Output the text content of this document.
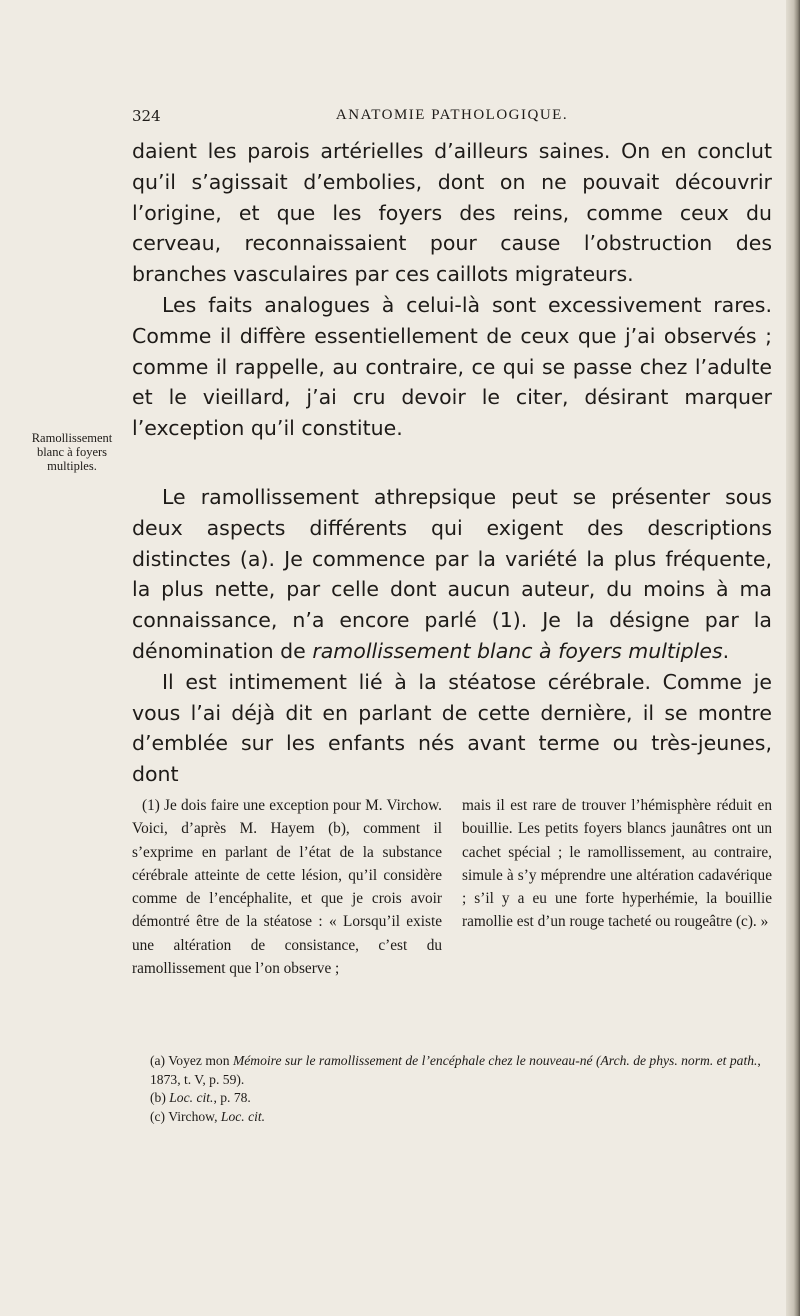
324	ANATOMIE PATHOLOGIQUE.

daient les parois artérielles d’ailleurs saines. On en conclut qu’il s’agissait d’embolies, dont on ne pouvait découvrir l’origine, et que les foyers des reins, comme ceux du cerveau, reconnaissaient pour cause l’obstruction des branches vasculaires par ces caillots migrateurs.

Les faits analogues à celui-là sont excessivement rares. Comme il diffère essentiellement de ceux que j’ai observés ; comme il rappelle, au contraire, ce qui se passe chez l’adulte et le vieillard, j’ai cru devoir le citer, désirant marquer l’exception qu’il constitue.

Le ramollissement athrepsique peut se présenter sous deux aspects différents qui exigent des descriptions distinctes (a). Je commence par la variété la plus fréquente, la plus nette, par celle dont aucun auteur, du moins à ma connaissance, n’a encore parlé (1). Je la désigne par la dénomination de ramollissement blanc à foyers multiples.

Il est intimement lié à la stéatose cérébrale. Comme je vous l’ai déjà dit en parlant de cette dernière, il se montre d’emblée sur les enfants nés avant terme ou très-jeunes, dont

Ramollissement blanc à foyers multiples.

(1) Je dois faire une exception pour M. Virchow. Voici, d’après M. Hayem (b), comment il s’exprime en parlant de l’état de la substance cérébrale atteinte de cette lésion, qu’il considère comme de l’encéphalite, et que je crois avoir démontré être de la stéatose : « Lorsqu’il existe une altération de consistance, c’est du ramollissement que l’on observe ;

mais il est rare de trouver l’hémisphère réduit en bouillie. Les petits foyers blancs jaunâtres ont un cachet spécial ; le ramollissement, au contraire, simule à s’y méprendre une altération cadavérique ; s’il y a eu une forte hyperhémie, la bouillie ramollie est d’un rouge tacheté ou rougeâtre (c). »

(a) Voyez mon Mémoire sur le ramollissement de l’encéphale chez le nouveau-né (Arch. de phys. norm. et path., 1873, t. V, p. 59).

(b) Loc. cit., p. 78.

(c) Virchow, Loc. cit.
